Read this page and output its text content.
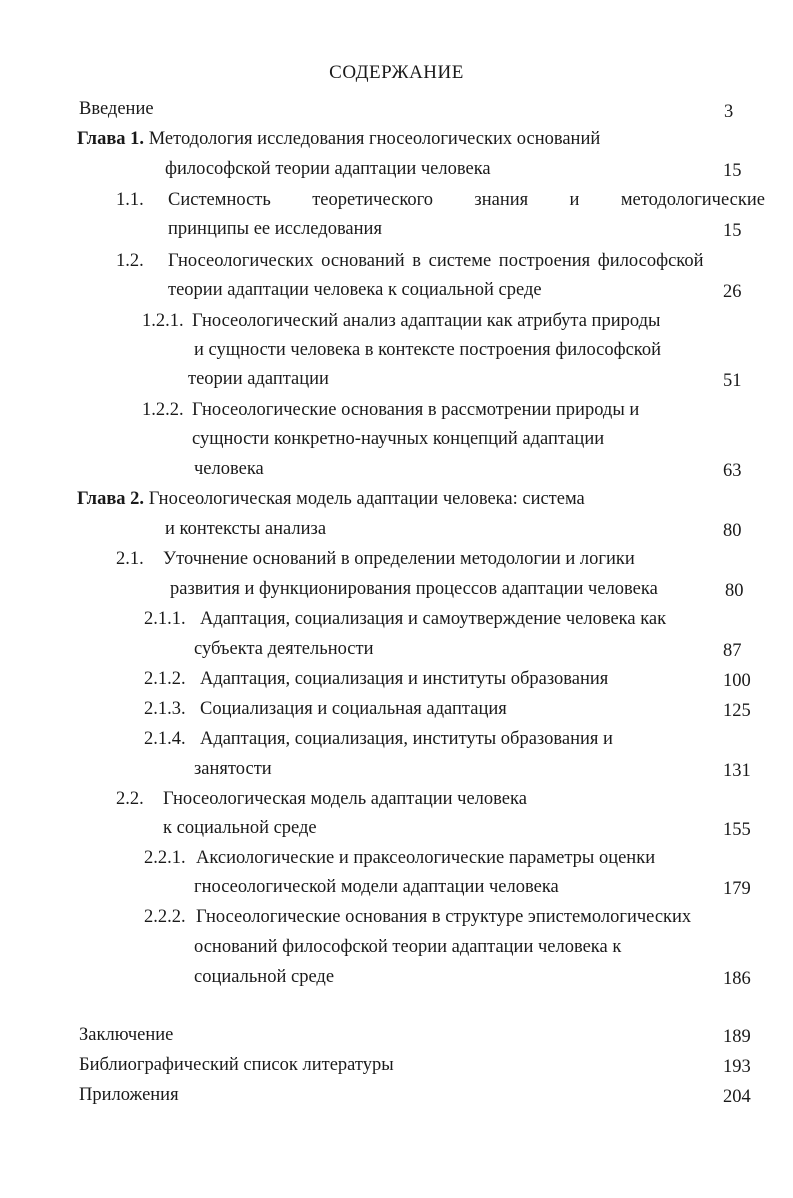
СОДЕРЖАНИЕ
Введение	3
Глава 1. Методология исследования гносеологических оснований
философской теории адаптации человека	15
1.1. Системность теоретического знания и методологические
принципы ее исследования	15
1.2. Гносеологических оснований в системе построения философской
теории адаптации человека к социальной среде	26
1.2.1. Гносеологический анализ адаптации как атрибута природы
и сущности человека в контексте построения философской
теории адаптации	51
1.2.2. Гносеологические основания в рассмотрении природы и
сущности конкретно-научных концепций адаптации
человека	63
Глава 2. Гносеологическая модель адаптации человека: система
и контексты анализа	80
2.1. Уточнение оснований в определении методологии и логики
развития и функционирования процессов адаптации человека	80
2.1.1. Адаптация, социализация и самоутверждение человека как
субъекта деятельности	87
2.1.2. Адаптация, социализация и институты образования	100
2.1.3. Социализация и социальная адаптация	125
2.1.4. Адаптация, социализация, институты образования и
занятости	131
2.2. Гносеологическая модель адаптации человека
к социальной среде	155
2.2.1. Аксиологические и праксеологические параметры оценки
гносеологической модели адаптации человека	179
2.2.2. Гносеологические основания в структуре эпистемологических
оснований философской теории адаптации человека к
социальной среде	186
Заключение	189
Библиографический список литературы	193
Приложения	204
